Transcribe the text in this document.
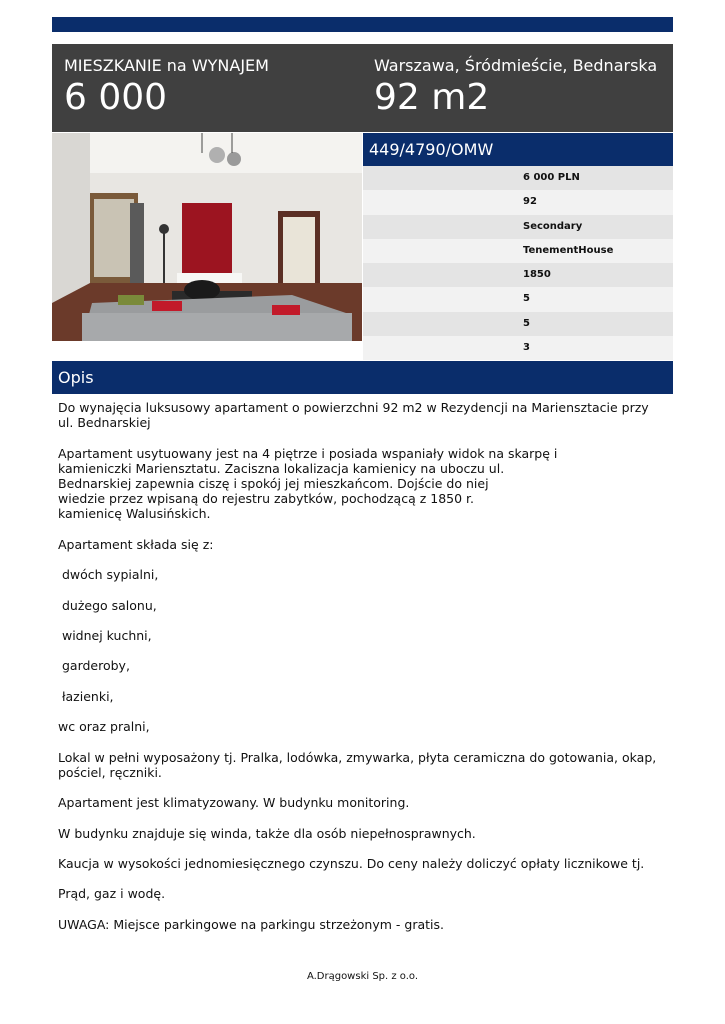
MIESZKANIE na WYNAJEM
6 000
Warszawa, Śródmieście, Bednarska
92 m2
449/4790/OMW
6 000 PLN
92
Secondary
TenementHouse
1850
5
5
3
Opis

Do wynajęcia luksusowy apartament o powierzchni 92 m2 w Rezydencji na Mariensztacie przy ul. Bednarskiej

Apartament usytuowany jest na 4 piętrze i posiada wspaniały widok na skarpę i
kamieniczki Mariensztatu. Zaciszna lokalizacja kamienicy na uboczu ul.
Bednarskiej zapewnia ciszę i spokój jej mieszkańcom. Dojście do niej
wiedzie przez wpisaną do rejestru zabytków, pochodzącą z 1850 r.
kamienicę Walusińskich.

Apartament składa się z:

dwóch sypialni,

dużego salonu,

widnej kuchni,

garderoby,

łazienki,

wc oraz pralni,

Lokal w pełni wyposażony tj. Pralka, lodówka, zmywarka, płyta ceramiczna do gotowania, okap, pościel, ręczniki.

Apartament jest klimatyzowany. W budynku monitoring.

W budynku znajduje się winda, także dla osób niepełnosprawnych.

Kaucja w wysokości jednomiesięcznego czynszu. Do ceny należy doliczyć opłaty licznikowe tj.

Prąd, gaz i wodę.

UWAGA: Miejsce parkingowe na parkingu strzeżonym - gratis.

A.Drągowski Sp. z o.o.
